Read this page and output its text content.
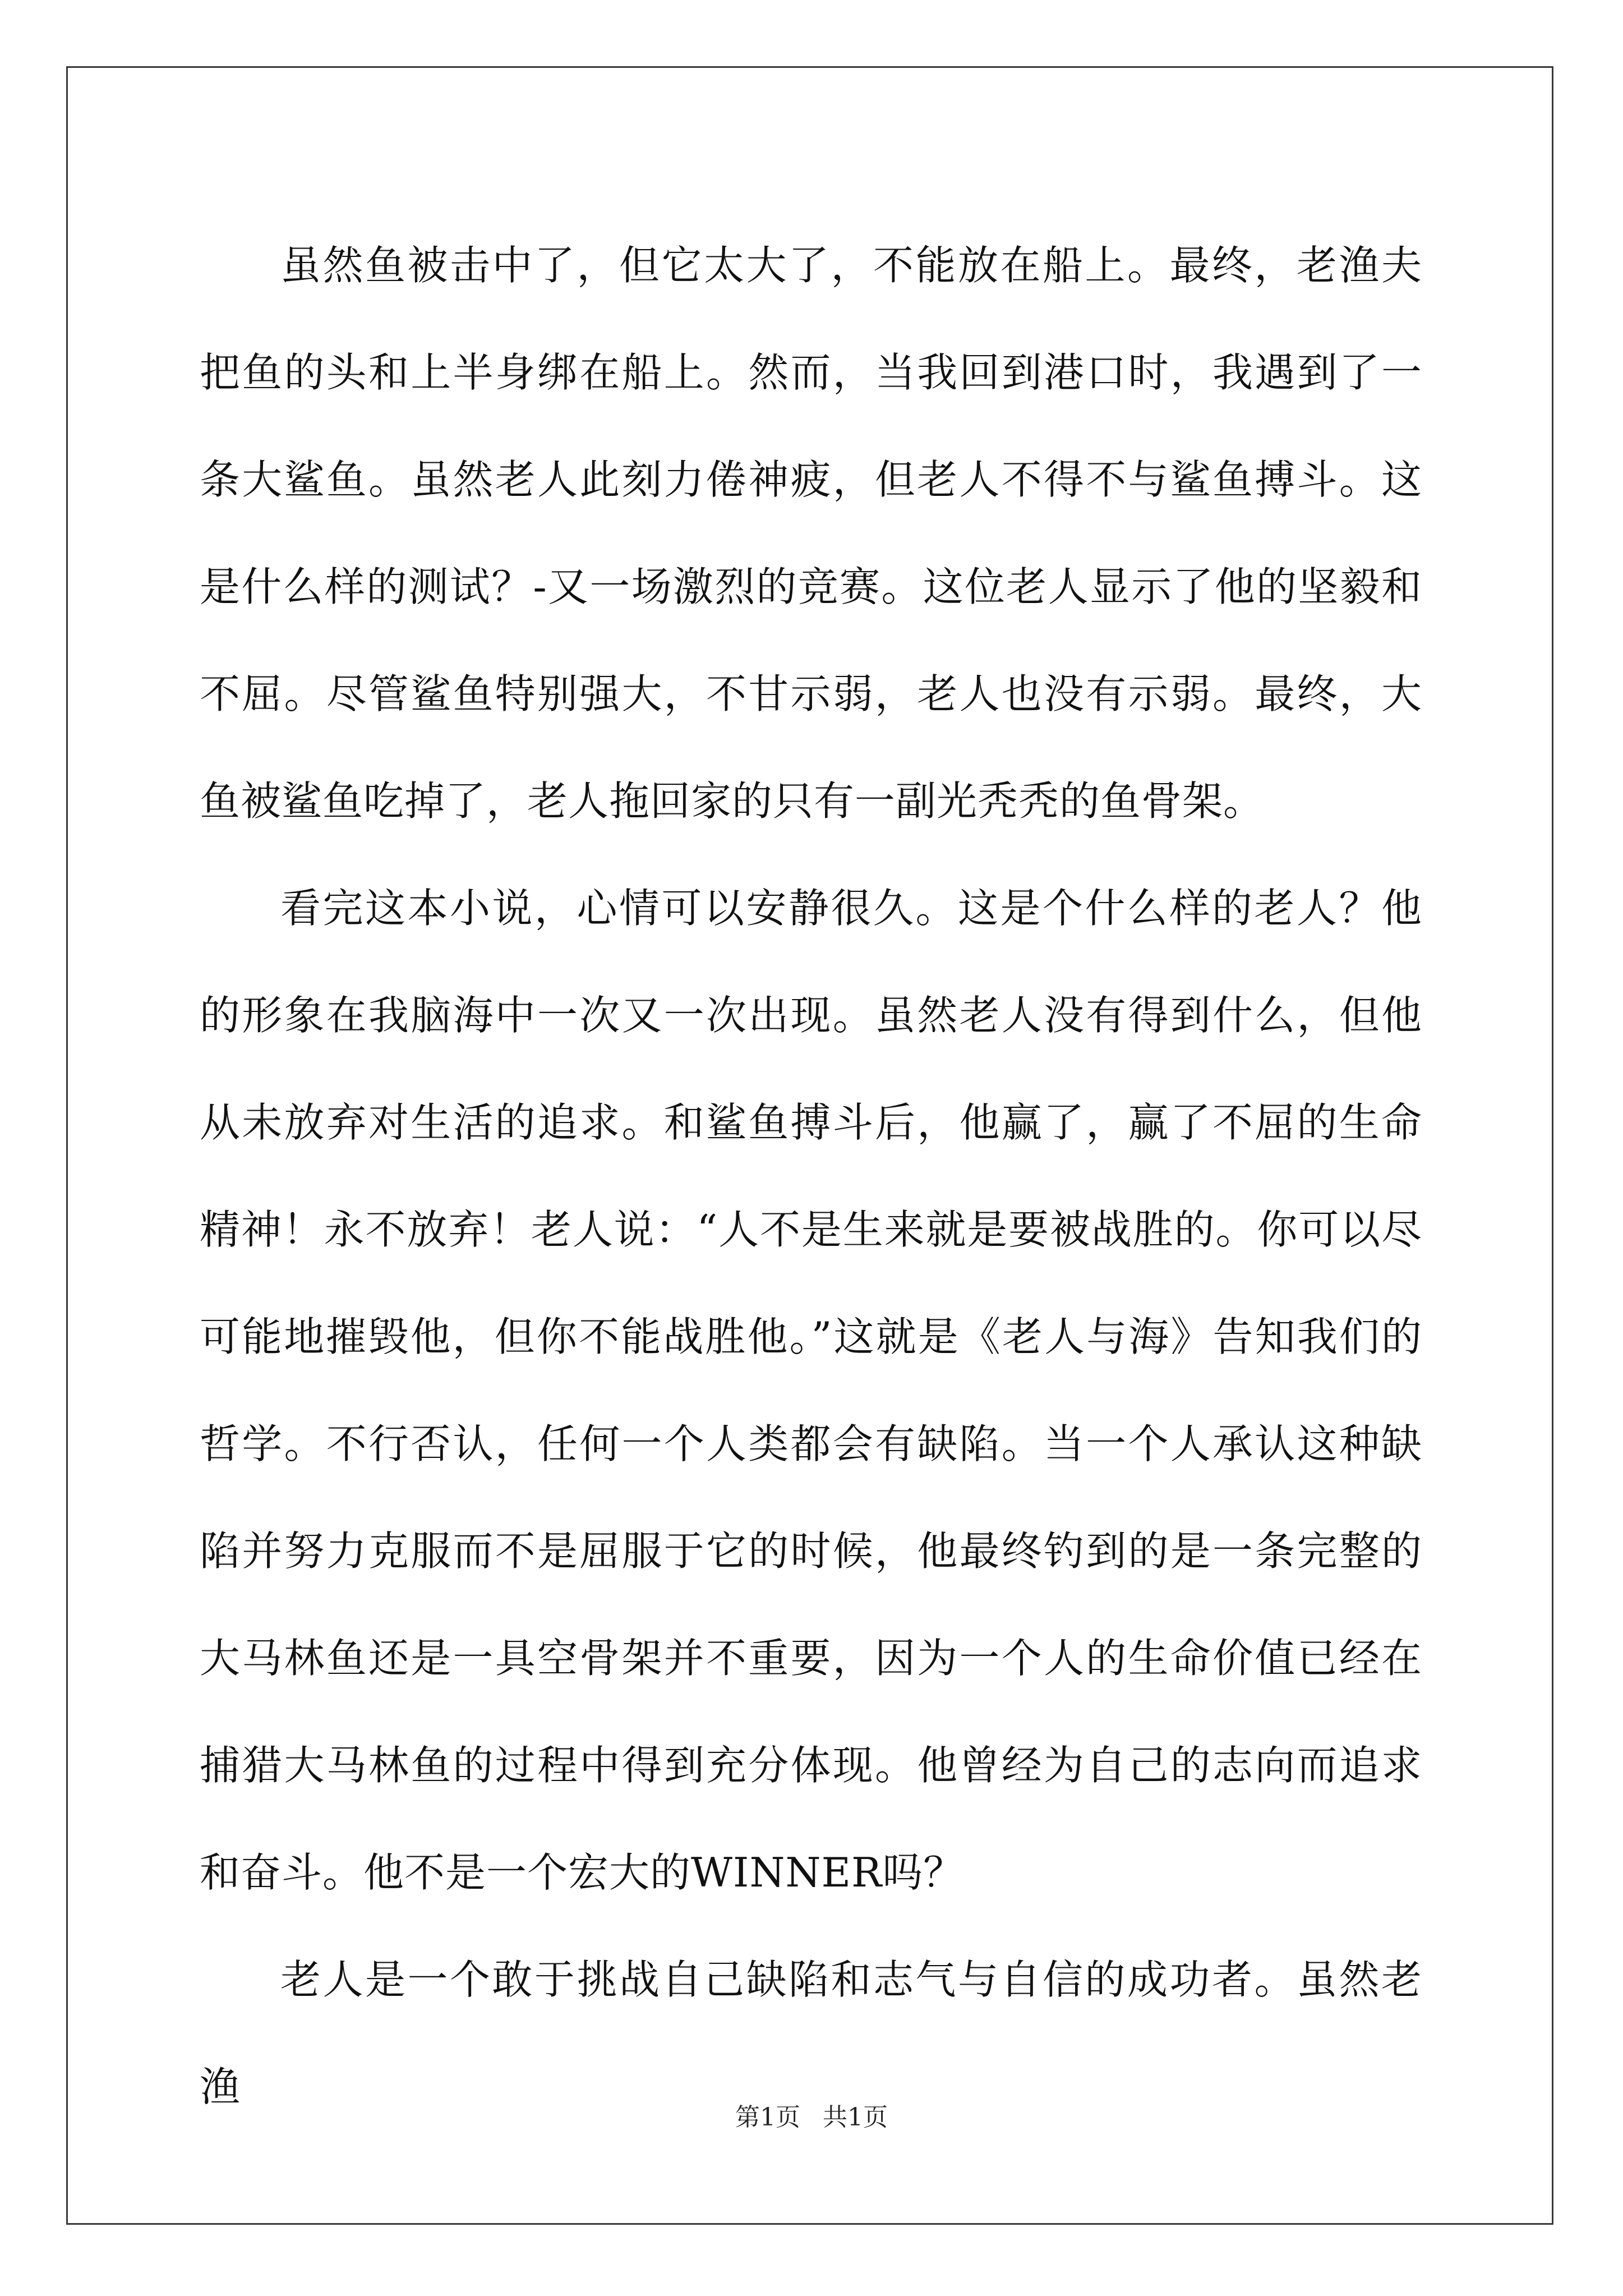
虽然鱼被击中了，但它太大了，不能放在船上。最终，老渔夫把鱼的头和上半身绑在船上。然而，当我回到港口时，我遇到了一条大鲨鱼。虽然老人此刻力倦神疲，但老人不得不与鲨鱼搏斗。这是什么样的测试？-又一场激烈的竞赛。这位老人显示了他的坚毅和不屈。尽管鲨鱼特别强大，不甘示弱，老人也没有示弱。最终，大鱼被鲨鱼吃掉了，老人拖回家的只有一副光秃秃的鱼骨架。

看完这本小说，心情可以安静很久。这是个什么样的老人？他的形象在我脑海中一次又一次出现。虽然老人没有得到什么，但他从未放弃对生活的追求。和鲨鱼搏斗后，他赢了，赢了不屈的生命精神！永不放弃！老人说：“人不是生来就是要被战胜的。你可以尽可能地摧毁他，但你不能战胜他。”这就是《老人与海》告知我们的哲学。不行否认，任何一个人类都会有缺陷。当一个人承认这种缺陷并努力克服而不是屈服于它的时候，他最终钓到的是一条完整的大马林鱼还是一具空骨架并不重要，因为一个人的生命价值已经在捕猎大马林鱼的过程中得到充分体现。他曾经为自己的志向而追求和奋斗。他不是一个宏大的WINNER吗？

老人是一个敢于挑战自己缺陷和志气与自信的成功者。虽然老渔

第1页 共1页
